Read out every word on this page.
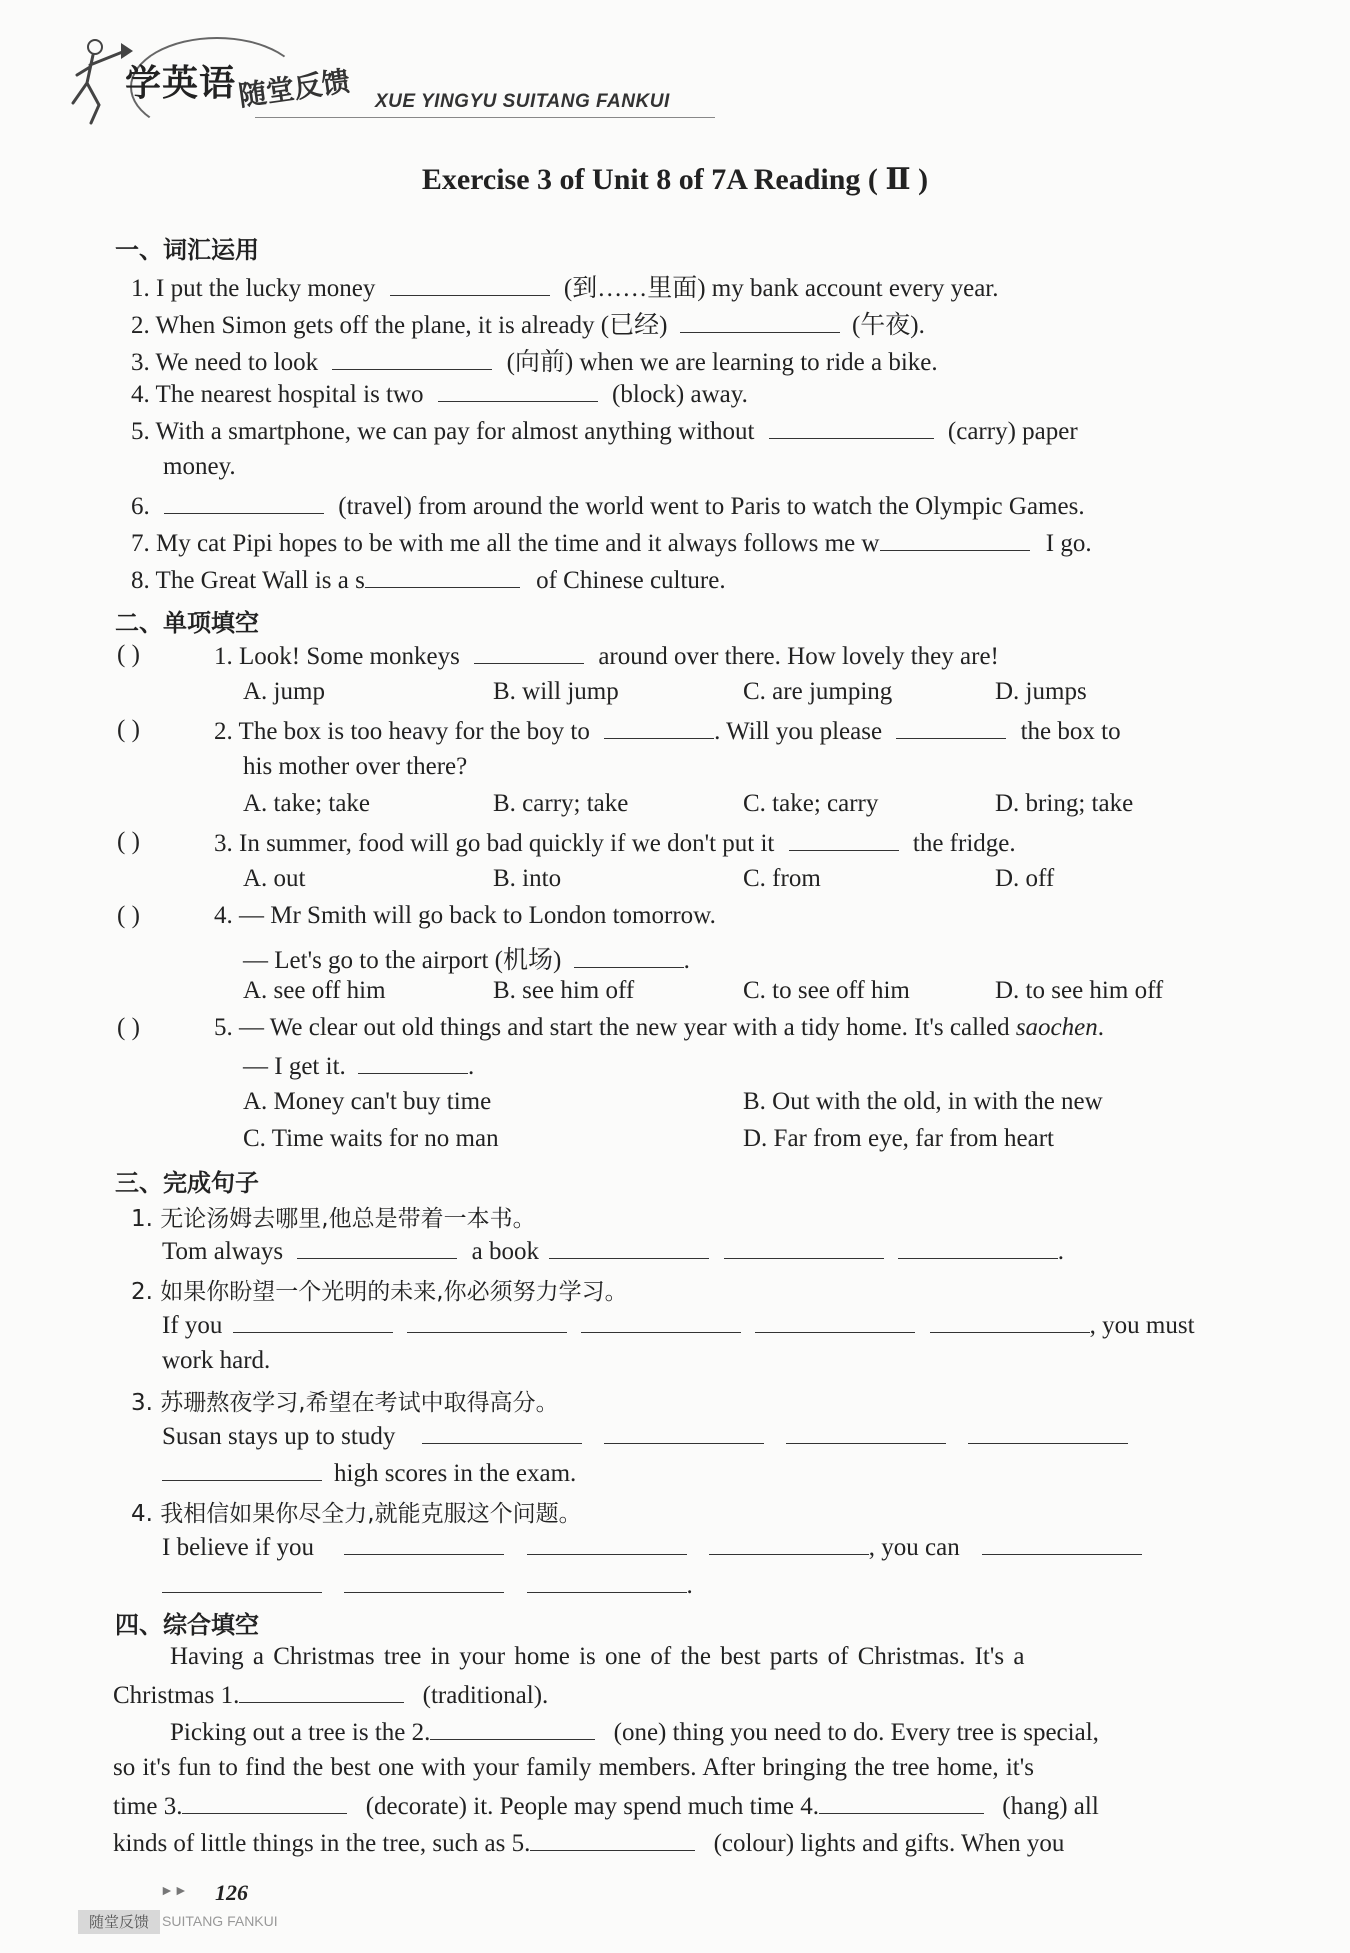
学英语 随堂反馈 XUE YINGYU SUITANG FANKUI
Exercise 3 of Unit 8 of 7A Reading ( Ⅱ )
一、词汇运用
1. I put the lucky money	(到……里面) my bank account every year.
2. When Simon gets off the plane, it is already (已经)	(午夜).
3. We need to look	(向前) when we are learning to ride a bike.
4. The nearest hospital is two	(block) away.
5. With a smartphone, we can pay for almost anything without	(carry) paper
money.
6.	(travel) from around the world went to Paris to watch the Olympic Games.
7. My cat Pipi hopes to be with me all the time and it always follows me w	I go.
8. The Great Wall is a s	of Chinese culture.
二、单项填空
( )	1. Look! Some monkeys	around over there. How lovely they are!
A. jump	B. will jump	C. are jumping	D. jumps
( )	2. The box is too heavy for the boy to	. Will you please	the box to
his mother over there?
A. take; take	B. carry; take	C. take; carry	D. bring; take
( )	3. In summer, food will go bad quickly if we don't put it	the fridge.
A. out	B. into	C. from	D. off
( )	4. — Mr Smith will go back to London tomorrow.
— Let's go to the airport (机场)	.
A. see off him	B. see him off	C. to see off him	D. to see him off
( )	5. — We clear out old things and start the new year with a tidy home. It's called saochen.
— I get it.	.
A. Money can't buy time	B. Out with the old, in with the new
C. Time waits for no man	D. Far from eye, far from heart
三、完成句子
1. 无论汤姆去哪里,他总是带着一本书。
Tom always	a book	.
2. 如果你盼望一个光明的未来,你必须努力学习。
If you	, you must
work hard.
3. 苏珊熬夜学习,希望在考试中取得高分。
Susan stays up to study
high scores in the exam.
4. 我相信如果你尽全力,就能克服这个问题。
I believe if you	, you can
.
四、综合填空
Having a Christmas tree in your home is one of the best parts of Christmas. It's a
Christmas 1.	(traditional).
Picking out a tree is the 2.	(one) thing you need to do. Every tree is special,
so it's fun to find the best one with your family members. After bringing the tree home, it's
time 3.	(decorate) it. People may spend much time 4.	(hang) all
kinds of little things in the tree, such as 5.	(colour) lights and gifts. When you
►► 126
随堂反馈 SUITANG FANKUI
